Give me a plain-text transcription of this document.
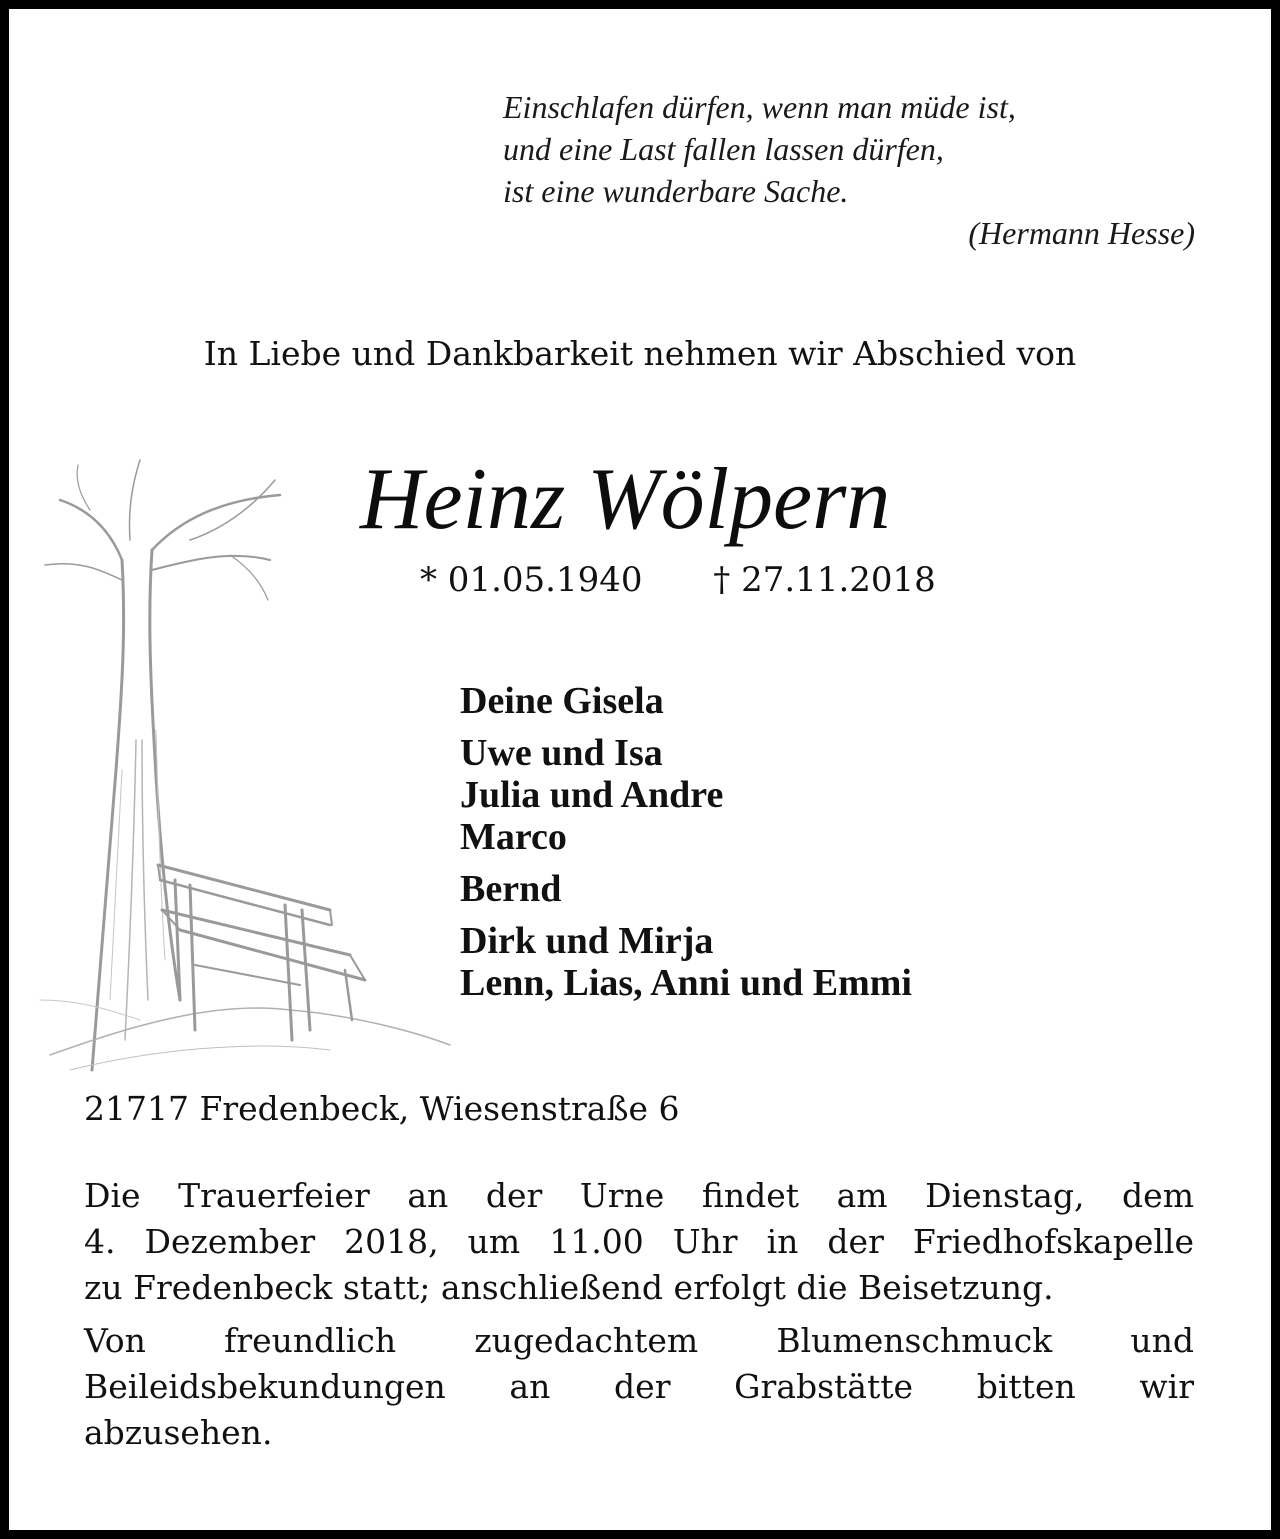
Einschlafen dürfen, wenn man müde ist,
und eine Last fallen lassen dürfen,
ist eine wunderbare Sache.
(Hermann Hesse)
In Liebe und Dankbarkeit nehmen wir Abschied von
Heinz Wölpern
* 01.05.1940 † 27.11.2018
Deine Gisela
Uwe und Isa
Julia und Andre
Marco
Bernd
Dirk und Mirja
Lenn, Lias, Anni und Emmi
21717 Fredenbeck, Wiesenstraße 6
Die Trauerfeier an der Urne findet am Dienstag, dem
4. Dezember 2018, um 11.00 Uhr in der Friedhofskapelle
zu Fredenbeck statt; anschließend erfolgt die Beisetzung.
Von freundlich zugedachtem Blumenschmuck und
Beileidsbekundungen an der Grabstätte bitten wir
abzusehen.
